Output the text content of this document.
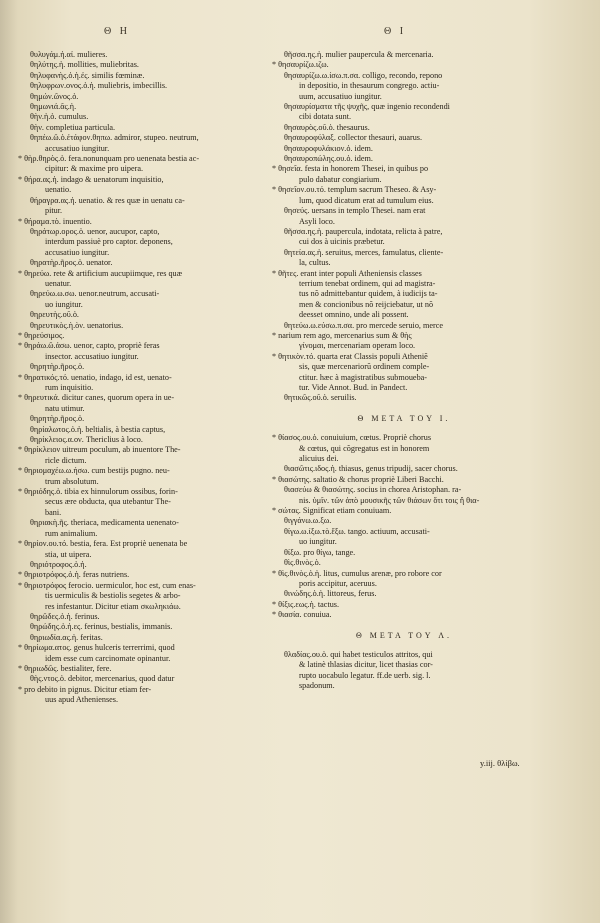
Θ Η	Θ Ι
θυλυγάμ.ἡ.αἰ. mulieres.
θηλύτης.ἡ. mollities, muliebritas.
θηλυφανὴς.ὁ.ἡ.ἐς. similis fœminæ.
θηλυφρων.ονος.ὁ.ἡ. muliebris, imbecillis.
θημών.ῶνος.ὁ.
θημωνιά.ᾶς.ἡ.
θὴν.ἡ.ὁ. cumulus.
θὴν. completiua particula.
θηπέω.ῶ.ὁ.ἐτάφον.θηπω. admiror, stupeo. neutrum,
accusatiuo iungitur.
* θὴρ.θηρὸς.ὁ. fera.nonunquam pro uenenata bestia ac-
cipitur: & maxime pro uipera.
* θήρα.ας.ἡ. indago & uenatorum inquisitio,
uenatio.
θήραγρα.ας.ἡ. uenatio. & res quæ in uenatu ca-
pitur.
* θήραμα.τὸ. inuentio.
θηράτωρ.ορος.ὁ. uenor, aucupor, capto,
interdum passiuè pro captor. deponens,
accusatiuo iungitur.
θηρατὴρ.ῆρος.ὁ. uenator.
* θηρεύω. rete & artificium aucupiimque, res quæ
uenatur.
θηρεύω.ω.σω. uenor.neutrum, accusati-
uo iungitur.
θηρευτὴς.οῦ.ὁ.
θηρευτικὸς.ὴ.ὸν. uenatorius.
* θηρεύσιμος.
* θηράω.ῶ.ἀσω. uenor, capto, propriè feras
insector. accusatiuo iungitur.
θηρητὴρ.ῆρος.ὁ.
* θηρατικός.τό. uenatio, indago, id est, uenato-
rum inquisitio.
* θηρευτικά. dicitur canes, quorum opera in ue-
natu utimur.
θηρητὴρ.ῆρος.ὁ.
θηρίαλωτος.ὁ.ἡ. beltialis, à bestia captus,
θηρίκλειος.α.ον. Thericlius à loco.
* θηρίκλειον uitreum poculum, ab inuentore The-
ricle dictum.
* θηριομαχέω.ω.ήσω. cum bestijs pugno. neu-
trum absolutum.
* θηριόδης.ὁ. tibia ex hinnulorum ossibus, forin-
secus ære obducta, qua utebantur The-
bani.
θηριακὴ.ῆς. theriaca, medicamenta uenenato-
rum animalium.
* θηρίον.ου.τό. bestia, fera. Est propriè uenenata be
stia, ut uipera.
θηριότροφος.ὁ.ἡ.
* θηριοτρόφος.ὁ.ἡ. feras nutriens.
* θηριοτρόφος ferocio. uermiculor, hoc est, cum enas-
tis uermiculis & bestiolis segetes & arbo-
res infestantur. Dicitur etiam σκωληκιάω.
θηρῶδες.ὁ.ἡ. ferinus.
θηρώδης.ὁ.ἡ.ες. ferinus, bestialis, immanis.
θηριωδία.ας.ἡ. feritas.
* θηρίωμα.ατος. genus hulceris terrerrimi, quod
idem esse cum carcinomate opinantur.
* θηριωδῶς. bestialiter, fere.
θὴς.ντος.ὁ. debitor, mercenarius, quod datur
* pro debito in pignus. Dicitur etiam fer-
uus apud Athenienses.
θῆσσα.ης.ἡ. mulier paupercula & mercenaria.
* θησαυρίζω.ιζω.
θησαυρίζω.ω.ίσω.π.σα. colligo, recondo, repono
in depositio, in thesaurum congrego. actiu-
uum, accusatiuo iungitur.
θησαυρίσματα τῆς ψυχῆς, quæ ingenio recondendi
cibi dotata sunt.
θησαυρὸς.οῦ.ὁ. thesaurus.
θησαυροφύλαξ. collector thesauri, auarus.
θησαυροφυλάκιον.ὁ. idem.
θησαυροπώλης.ου.ὁ. idem.
* θησεῖα. festa in honorem Thesei, in quibus po
pulo dabatur congiarium.
* θησεῖον.ου.τό. templum sacrum Theseo. & Asy-
lum, quod dicatum erat ad tumulum eius.
θησεύς. uersans in templo Thesei. nam erat
Asyli loco.
θῆσσα.ης.ἡ. paupercula, indotata, relicta à patre,
cui dos à uicinis præbetur.
θητεία.ας.ἡ. seruitus, merces, famulatus, cliente-
la, cultus.
* θῆτες. erant inter populi Atheniensis classes
terrium tenebat ordinem, qui ad magistra-
tus nõ admittebantur quidem, à iudicijs ta-
men & concionibus nõ reijciebatur, ut nõ
deesset omnino, unde ali possent.
θητεύω.ω.εύσω.π.σα. pro mercede seruio, merce
* narium rem ago, mercenarius sum & θὴς
γίνομαι, mercenariam operam loco.
* θητικὸν.τό. quarta erat Classis populi Atheniẽ
sis, quæ mercenariorũ ordinem comple-
ctitur. hæc à magistratibus submoueba-
tur. Vide Annot. Bud. in Pandect.
θητικῶς.οῦ.ὁ. seruilis.
Θ META TOY I.
* θίασος.ου.ὁ. conuiuium, cœtus. Propriè chorus
& cœtus, qui cõgregatus est in honorem
alicuius dei.
θιασῶτις.ιδος.ἡ. thiasus, genus tripudij, sacer chorus.
* θιασώτης. saltatio & chorus propriè Liberi Bacchi.
θιασεύω & θιασώτης. socius in chorea Aristophan. ra-
nis. ὑμῖν. τῶν ἀπὸ μουσικῆς τῶν θιάσων ὅτι τοις ἢ θια-
* σώτας. Significat etiam conuiuam.
θιγγάνω.ω.ξω.
θίγω.ω.ίξω.τὸ.ἔξω. tango. actiuum, accusati-
uo iungitur.
θίξω. pro θίγω, tange.
θὶς.θινὸς.ὁ.
* θὶς.θινὸς.ὁ.ἡ. litus, cumulus arenæ, pro robore cor
poris accipitur, aceruus.
θινώδης.ὁ.ἡ. littoreus, ferus.
* θίξις.εως.ἡ. tactus.
* θιασία. conuiua.
Θ META TOY Λ.
θλαδίας.ου.ὁ. qui habet testiculos attritos, qui
& latinè thlasias dicitur, licet thasias cor-
rupto uocabulo legatur. ff.de uerb. sig. l.
spadonum.
y.iij. θλίβω.
